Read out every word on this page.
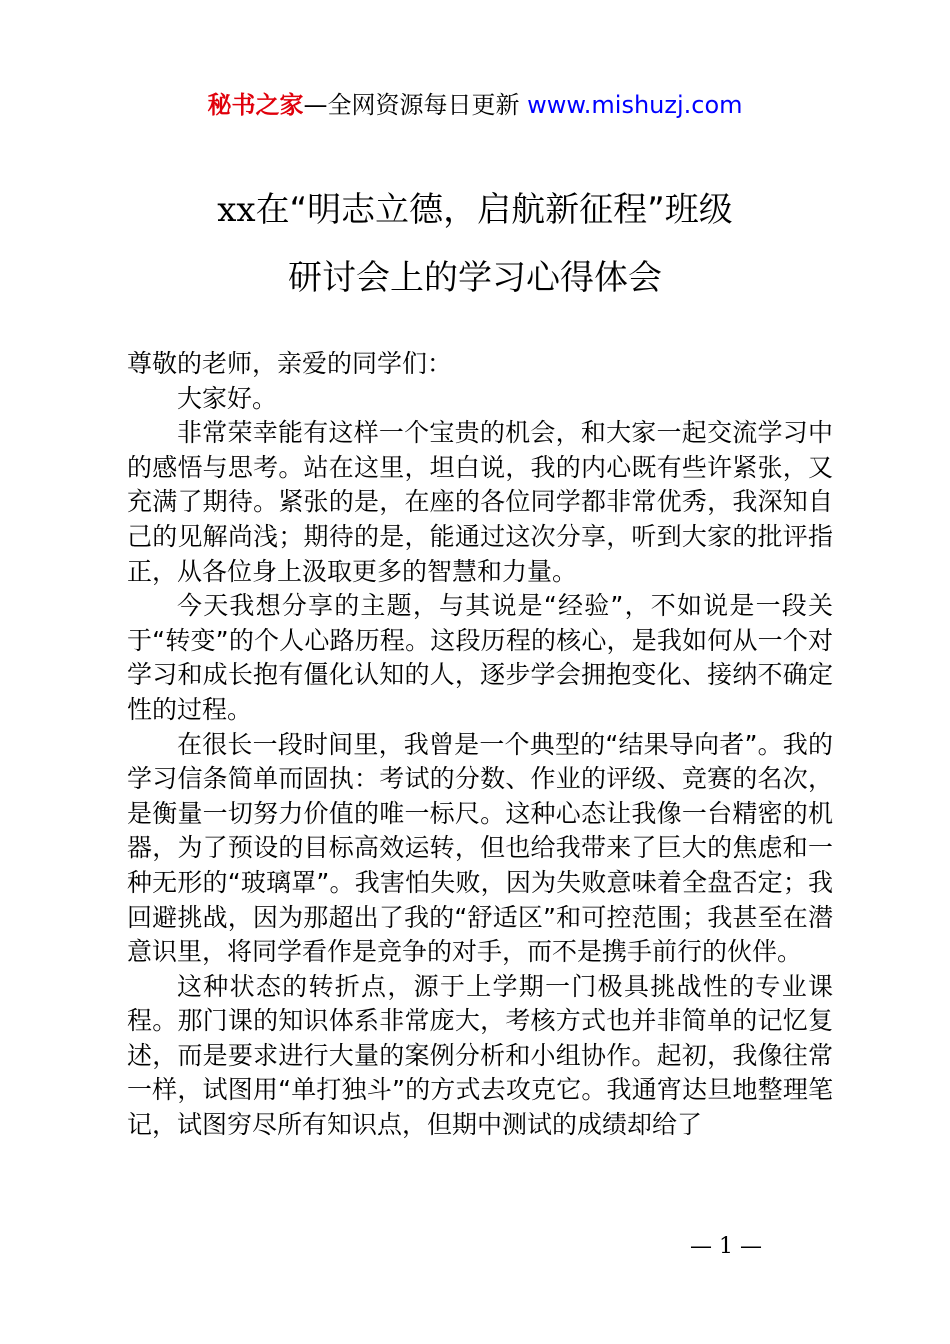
秘书之家—全网资源每日更新 www.mishuzj.com
xx在“明志立德，启航新征程”班级
研讨会上的学习心得体会

尊敬的老师，亲爱的同学们：

大家好。

非常荣幸能有这样一个宝贵的机会，和大家一起交流学习中的感悟与思考。站在这里，坦白说，我的内心既有些许紧张，又充满了期待。紧张的是，在座的各位同学都非常优秀，我深知自己的见解尚浅；期待的是，能通过这次分享，听到大家的批评指正，从各位身上汲取更多的智慧和力量。

今天我想分享的主题，与其说是“经验”，不如说是一段关于“转变”的个人心路历程。这段历程的核心，是我如何从一个对学习和成长抱有僵化认知的人，逐步学会拥抱变化、接纳不确定性的过程。

在很长一段时间里，我曾是一个典型的“结果导向者”。我的学习信条简单而固执：考试的分数、作业的评级、竞赛的名次，是衡量一切努力价值的唯一标尺。这种心态让我像一台精密的机器，为了预设的目标高效运转，但也给我带来了巨大的焦虑和一种无形的“玻璃罩”。我害怕失败，因为失败意味着全盘否定；我回避挑战，因为那超出了我的“舒适区”和可控范围；我甚至在潜意识里，将同学看作是竞争的对手，而不是携手前行的伙伴。

这种状态的转折点，源于上学期一门极具挑战性的专业课程。那门课的知识体系非常庞大，考核方式也并非简单的记忆复述，而是要求进行大量的案例分析和小组协作。起初，我像往常一样，试图用“单打独斗”的方式去攻克它。我通宵达旦地整理笔记，试图穷尽所有知识点，但期中测试的成绩却给了

— 1 —
